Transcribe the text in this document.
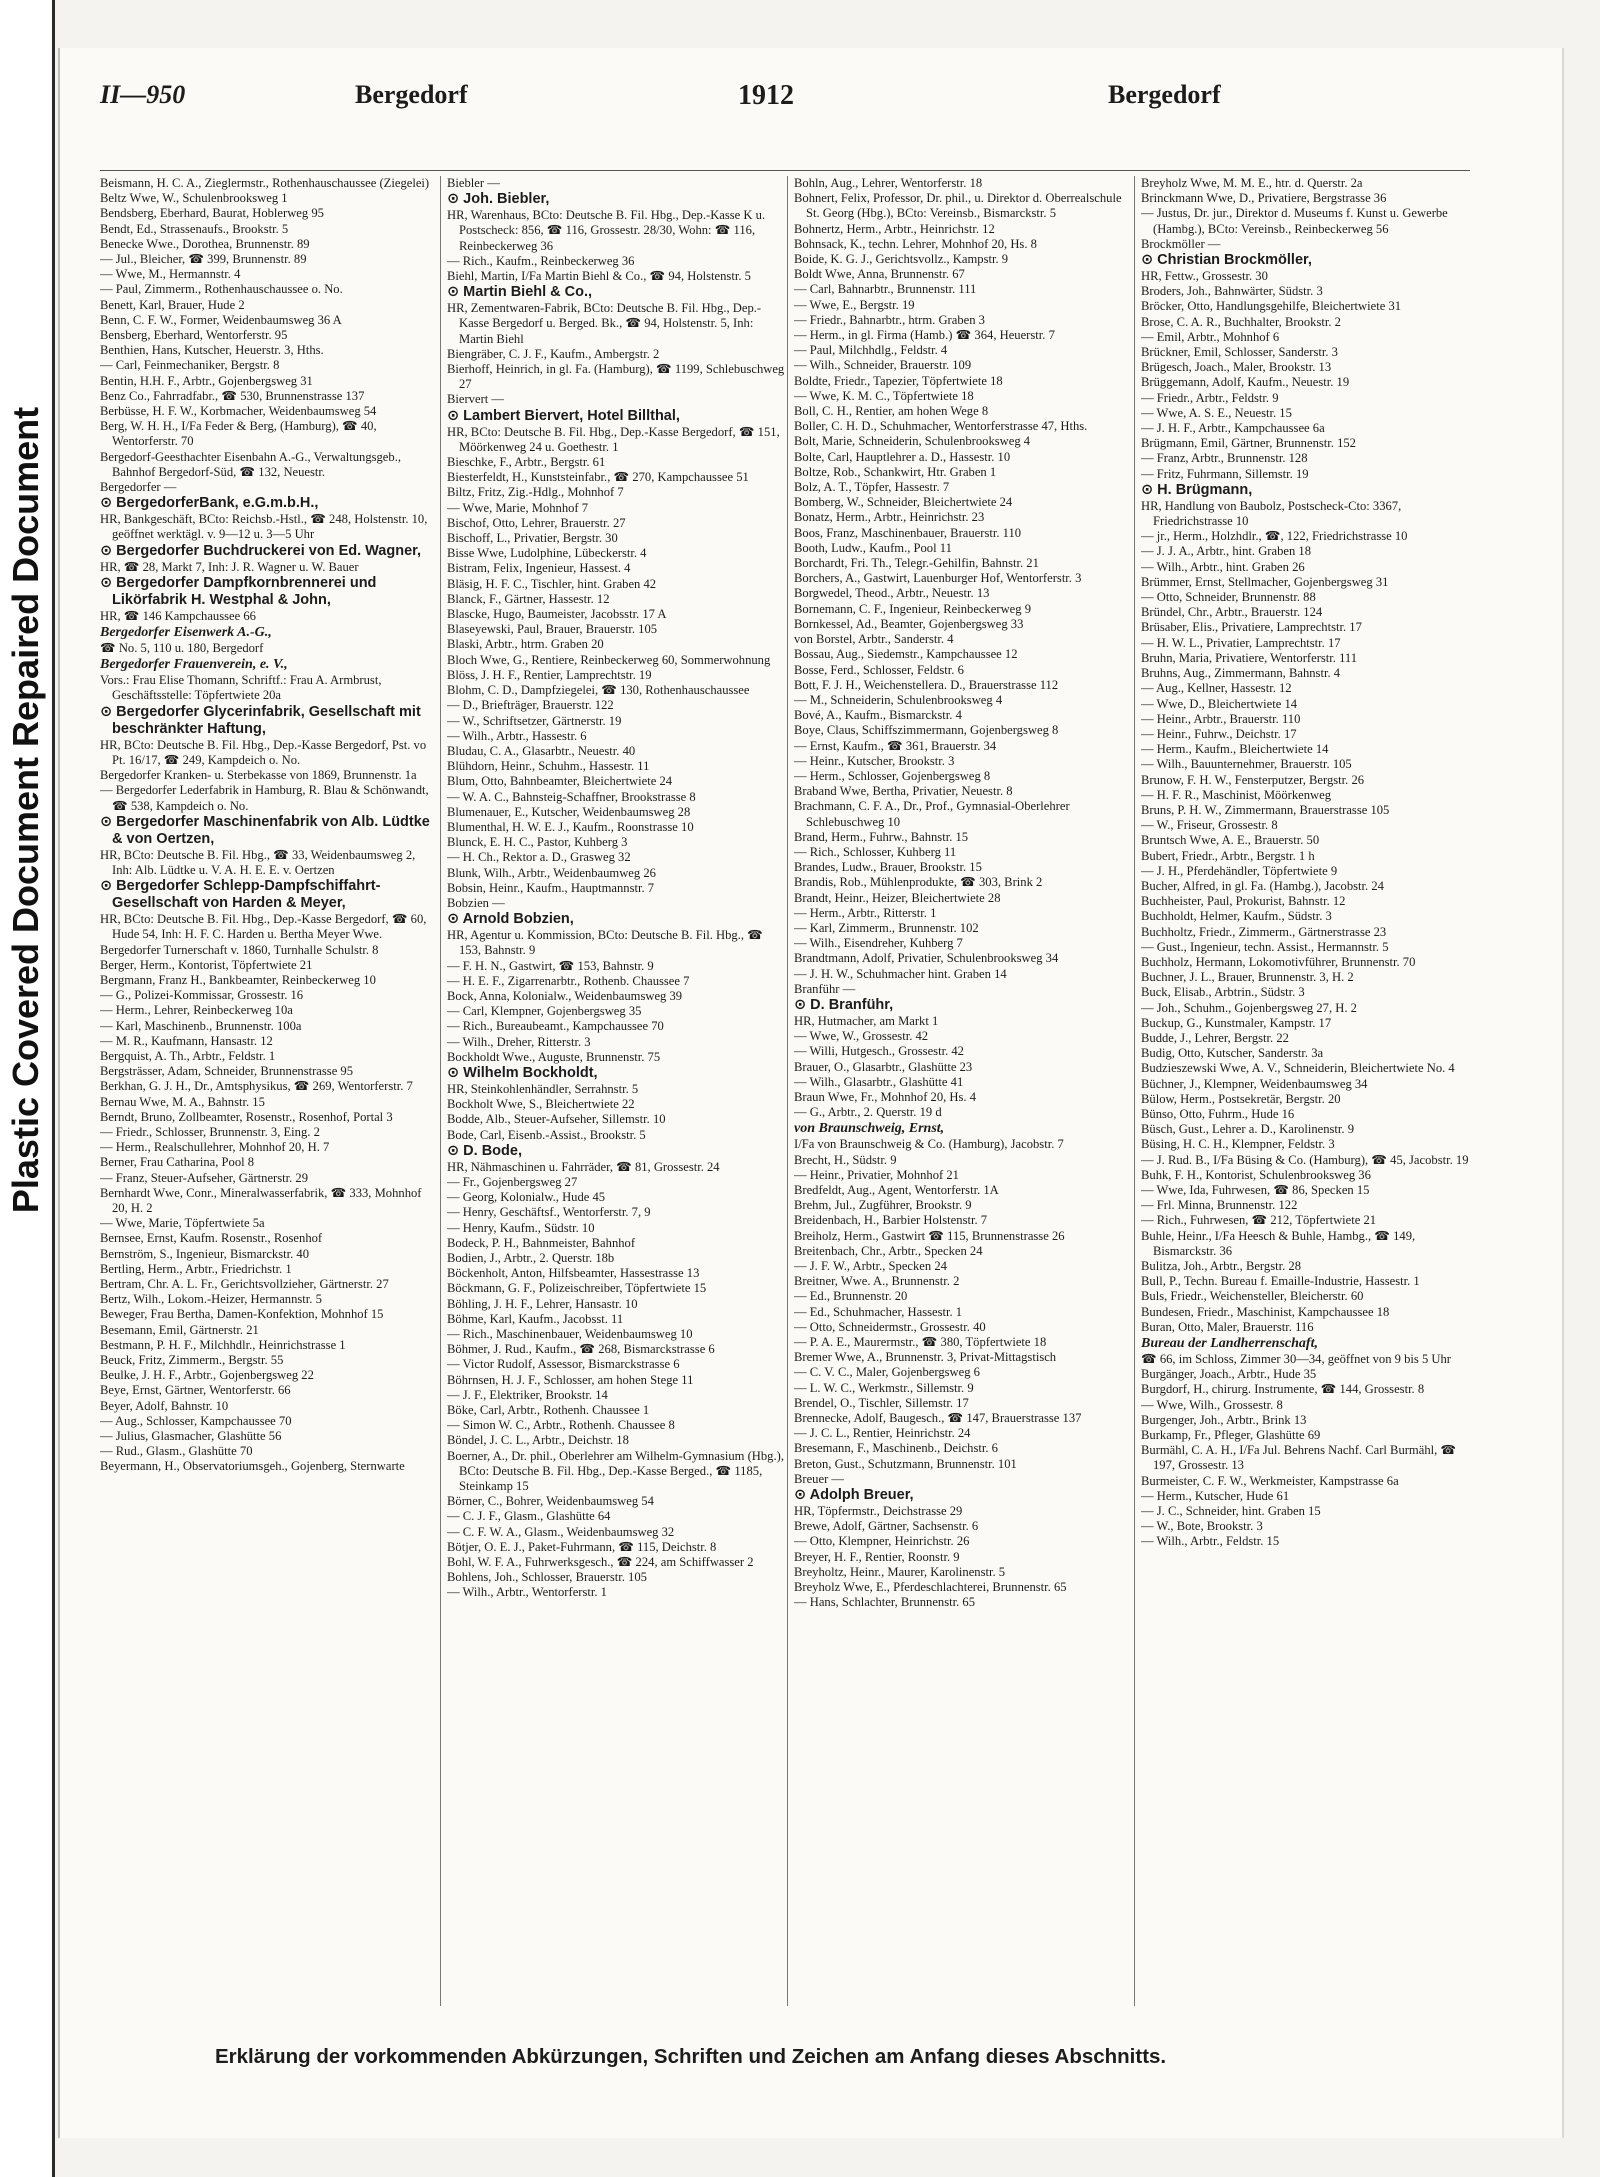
Plastic Covered Document Repaired Document
II—950	Bergedorf	1912	Bergedorf

Beismann, H. C. A., Zieglermstr., Rothenhauschaussee (Ziegelei)

Beltz Wwe, W., Schulenbrooksweg 1

Bendsberg, Eberhard, Baurat, Hoblerweg 95

Bendt, Ed., Strassenaufs., Brookstr. 5

Benecke Wwe., Dorothea, Brunnenstr. 89

— Jul., Bleicher, ☎ 399, Brunnenstr. 89

— Wwe, M., Hermannstr. 4

— Paul, Zimmerm., Rothenhauschaussee o. No.

Benett, Karl, Brauer, Hude 2

Benn, C. F. W., Former, Weidenbaumsweg 36 A

Bensberg, Eberhard, Wentorferstr. 95

Benthien, Hans, Kutscher, Heuerstr. 3, Hths.

— Carl, Feinmechaniker, Bergstr. 8

Bentin, H.H. F., Arbtr., Gojenbergsweg 31

Benz Co., Fahrradfabr., ☎ 530, Brunnenstrasse 137

Berbüsse, H. F. W., Korbmacher, Weidenbaumsweg 54

Berg, W. H. H., I/Fa Feder & Berg, (Hamburg), ☎ 40, Wentorferstr. 70

Bergedorf-Geesthachter Eisenbahn A.-G., Verwaltungsgeb., Bahnhof Bergedorf-Süd, ☎ 132, Neuestr.

Bergedorfer —

⊙ BergedorferBank, e.G.m.b.H.,

HR, Bankgeschäft, BCto: Reichsb.-Hstl., ☎ 248, Holstenstr. 10, geöffnet werktägl. v. 9—12 u. 3—5 Uhr

⊙ Bergedorfer Buchdruckerei von Ed. Wagner,

HR, ☎ 28, Markt 7, Inh: J. R. Wagner u. W. Bauer

⊙ Bergedorfer Dampfkornbrennerei und Likörfabrik H. Westphal & John,

HR, ☎ 146 Kampchaussee 66

Bergedorfer Eisenwerk A.-G.,

☎ No. 5, 110 u. 180, Bergedorf

Bergedorfer Frauenverein, e. V.,

Vors.: Frau Elise Thomann, Schriftf.: Frau A. Armbrust, Geschäftsstelle: Töpfertwiete 20a

⊙ Bergedorfer Glycerinfabrik, Gesellschaft mit beschränkter Haftung,

HR, BCto: Deutsche B. Fil. Hbg., Dep.-Kasse Bergedorf, Pst. vo Pt. 16/17, ☎ 249, Kampdeich o. No.

Bergedorfer Kranken- u. Sterbekasse von 1869, Brunnenstr. 1a

— Bergedorfer Lederfabrik in Hamburg, R. Blau & Schönwandt, ☎ 538, Kampdeich o. No.

⊙ Bergedorfer Maschinenfabrik von Alb. Lüdtke & von Oertzen,

HR, BCto: Deutsche B. Fil. Hbg., ☎ 33, Weidenbaumsweg 2, Inh: Alb. Lüdtke u. V. A. H. E. E. v. Oertzen

⊙ Bergedorfer Schlepp-Dampfschiffahrt-Gesellschaft von Harden & Meyer,

HR, BCto: Deutsche B. Fil. Hbg., Dep.-Kasse Bergedorf, ☎ 60, Hude 54, Inh: H. F. C. Harden u. Bertha Meyer Wwe.

Bergedorfer Turnerschaft v. 1860, Turnhalle Schulstr. 8

Berger, Herm., Kontorist, Töpfertwiete 21

Bergmann, Franz H., Bankbeamter, Reinbeckerweg 10

— G., Polizei-Kommissar, Grossestr. 16

— Herm., Lehrer, Reinbeckerweg 10a

— Karl, Maschinenb., Brunnenstr. 100a

— M. R., Kaufmann, Hansastr. 12

Bergquist, A. Th., Arbtr., Feldstr. 1

Bergsträsser, Adam, Schneider, Brunnenstrasse 95

Berkhan, G. J. H., Dr., Amtsphysikus, ☎ 269, Wentorferstr. 7

Bernau Wwe, M. A., Bahnstr. 15

Berndt, Bruno, Zollbeamter, Rosenstr., Rosenhof, Portal 3

— Friedr., Schlosser, Brunnenstr. 3, Eing. 2

— Herm., Realschullehrer, Mohnhof 20, H. 7

Berner, Frau Catharina, Pool 8

— Franz, Steuer-Aufseher, Gärtnerstr. 29

Bernhardt Wwe, Conr., Mineralwasserfabrik, ☎ 333, Mohnhof 20, H. 2

— Wwe, Marie, Töpfertwiete 5a

Bernsee, Ernst, Kaufm. Rosenstr., Rosenhof

Bernström, S., Ingenieur, Bismarckstr. 40

Bertling, Herm., Arbtr., Friedrichstr. 1

Bertram, Chr. A. L. Fr., Gerichtsvollzieher, Gärtnerstr. 27

Bertz, Wilh., Lokom.-Heizer, Hermannstr. 5

Beweger, Frau Bertha, Damen-Konfektion, Mohnhof 15

Besemann, Emil, Gärtnerstr. 21

Bestmann, P. H. F., Milchhdlr., Heinrichstrasse 1

Beuck, Fritz, Zimmerm., Bergstr. 55

Beulke, J. H. F., Arbtr., Gojenbergsweg 22

Beye, Ernst, Gärtner, Wentorferstr. 66

Beyer, Adolf, Bahnstr. 10

— Aug., Schlosser, Kampchaussee 70

— Julius, Glasmacher, Glashütte 56

— Rud., Glasm., Glashütte 70

Beyermann, H., Observatoriumsgeh., Gojenberg, Sternwarte

Biebler —

⊙ Joh. Biebler,

HR, Warenhaus, BCto: Deutsche B. Fil. Hbg., Dep.-Kasse K u. Postscheck: 856, ☎ 116, Grossestr. 28/30, Wohn: ☎ 116, Reinbeckerweg 36

— Rich., Kaufm., Reinbeckerweg 36

Biehl, Martin, I/Fa Martin Biehl & Co., ☎ 94, Holstenstr. 5

⊙ Martin Biehl & Co.,

HR, Zementwaren-Fabrik, BCto: Deutsche B. Fil. Hbg., Dep.-Kasse Bergedorf u. Berged. Bk., ☎ 94, Holstenstr. 5, Inh: Martin Biehl

Biengräber, C. J. F., Kaufm., Ambergstr. 2

Bierhoff, Heinrich, in gl. Fa. (Hamburg), ☎ 1199, Schlebuschweg 27

Biervert —

⊙ Lambert Biervert, Hotel Billthal,

HR, BCto: Deutsche B. Fil. Hbg., Dep.-Kasse Bergedorf, ☎ 151, Möörkenweg 24 u. Goethestr. 1

Bieschke, F., Arbtr., Bergstr. 61

Biesterfeldt, H., Kunststeinfabr., ☎ 270, Kampchaussee 51

Biltz, Fritz, Zig.-Hdlg., Mohnhof 7

— Wwe, Marie, Mohnhof 7

Bischof, Otto, Lehrer, Brauerstr. 27

Bischoff, L., Privatier, Bergstr. 30

Bisse Wwe, Ludolphine, Lübeckerstr. 4

Bistram, Felix, Ingenieur, Hassest. 4

Bläsig, H. F. C., Tischler, hint. Graben 42

Blanck, F., Gärtner, Hassestr. 12

Blascke, Hugo, Baumeister, Jacobsstr. 17 A

Blaseyewski, Paul, Brauer, Brauerstr. 105

Blaski, Arbtr., htrm. Graben 20

Bloch Wwe, G., Rentiere, Reinbeckerweg 60, Sommerwohnung

Blöss, J. H. F., Rentier, Lamprechtstr. 19

Blohm, C. D., Dampfziegelei, ☎ 130, Rothenhauschaussee

— D., Briefträger, Brauerstr. 122

— W., Schriftsetzer, Gärtnerstr. 19

— Wilh., Arbtr., Hassestr. 6

Bludau, C. A., Glasarbtr., Neuestr. 40

Blühdorn, Heinr., Schuhm., Hassestr. 11

Blum, Otto, Bahnbeamter, Bleichertwiete 24

— W. A. C., Bahnsteig-Schaffner, Brookstrasse 8

Blumenauer, E., Kutscher, Weidenbaumsweg 28

Blumenthal, H. W. E. J., Kaufm., Roonstrasse 10

Blunck, E. H. C., Pastor, Kuhberg 3

— H. Ch., Rektor a. D., Grasweg 32

Blunk, Wilh., Arbtr., Weidenbaumweg 26

Bobsin, Heinr., Kaufm., Hauptmannstr. 7

Bobzien —

⊙ Arnold Bobzien,

HR, Agentur u. Kommission, BCto: Deutsche B. Fil. Hbg., ☎ 153, Bahnstr. 9

— F. H. N., Gastwirt, ☎ 153, Bahnstr. 9

— H. E. F., Zigarrenarbtr., Rothenb. Chaussee 7

Bock, Anna, Kolonialw., Weidenbaumsweg 39

— Carl, Klempner, Gojenbergsweg 35

— Rich., Bureaubeamt., Kampchaussee 70

— Wilh., Dreher, Ritterstr. 3

Bockholdt Wwe., Auguste, Brunnenstr. 75

⊙ Wilhelm Bockholdt,

HR, Steinkohlenhändler, Serrahnstr. 5

Bockholt Wwe, S., Bleichertwiete 22

Bodde, Alb., Steuer-Aufseher, Sillemstr. 10

Bode, Carl, Eisenb.-Assist., Brookstr. 5

⊙ D. Bode,

HR, Nähmaschinen u. Fahrräder, ☎ 81, Grossestr. 24

— Fr., Gojenbergsweg 27

— Georg, Kolonialw., Hude 45

— Henry, Geschäftsf., Wentorferstr. 7, 9

— Henry, Kaufm., Südstr. 10

Bodeck, P. H., Bahnmeister, Bahnhof

Bodien, J., Arbtr., 2. Querstr. 18b

Böckenholt, Anton, Hilfsbeamter, Hassestrasse 13

Böckmann, G. F., Polizeischreiber, Töpfertwiete 15

Böhling, J. H. F., Lehrer, Hansastr. 10

Böhme, Karl, Kaufm., Jacobsst. 11

— Rich., Maschinenbauer, Weidenbaumsweg 10

Böhmer, J. Rud., Kaufm., ☎ 268, Bismarckstrasse 6

— Victor Rudolf, Assessor, Bismarckstrasse 6

Böhrnsen, H. J. F., Schlosser, am hohen Stege 11

— J. F., Elektriker, Brookstr. 14

Böke, Carl, Arbtr., Rothenh. Chaussee 1

— Simon W. C., Arbtr., Rothenh. Chaussee 8

Böndel, J. C. L., Arbtr., Deichstr. 18

Boerner, A., Dr. phil., Oberlehrer am Wilhelm-Gymnasium (Hbg.), BCto: Deutsche B. Fil. Hbg., Dep.-Kasse Berged., ☎ 1185, Steinkamp 15

Börner, C., Bohrer, Weidenbaumsweg 54

— C. J. F., Glasm., Glashütte 64

— C. F. W. A., Glasm., Weidenbaumsweg 32

Bötjer, O. E. J., Paket-Fuhrmann, ☎ 115, Deichstr. 8

Bohl, W. F. A., Fuhrwerksgesch., ☎ 224, am Schiffwasser 2

Bohlens, Joh., Schlosser, Brauerstr. 105

— Wilh., Arbtr., Wentorferstr. 1

Bohln, Aug., Lehrer, Wentorferstr. 18

Bohnert, Felix, Professor, Dr. phil., u. Direktor d. Oberrealschule St. Georg (Hbg.), BCto: Vereinsb., Bismarckstr. 5

Bohnertz, Herm., Arbtr., Heinrichstr. 12

Bohnsack, K., techn. Lehrer, Mohnhof 20, Hs. 8

Boide, K. G. J., Gerichtsvollz., Kampstr. 9

Boldt Wwe, Anna, Brunnenstr. 67

— Carl, Bahnarbtr., Brunnenstr. 111

— Wwe, E., Bergstr. 19

— Friedr., Bahnarbtr., htrm. Graben 3

— Herm., in gl. Firma (Hamb.) ☎ 364, Heuerstr. 7

— Paul, Milchhdlg., Feldstr. 4

— Wilh., Schneider, Brauerstr. 109

Boldte, Friedr., Tapezier, Töpfertwiete 18

— Wwe, K. M. C., Töpfertwiete 18

Boll, C. H., Rentier, am hohen Wege 8

Boller, C. H. D., Schuhmacher, Wentorferstrasse 47, Hths.

Bolt, Marie, Schneiderin, Schulenbrooksweg 4

Bolte, Carl, Hauptlehrer a. D., Hassestr. 10

Boltze, Rob., Schankwirt, Htr. Graben 1

Bolz, A. T., Töpfer, Hassestr. 7

Bomberg, W., Schneider, Bleichertwiete 24

Bonatz, Herm., Arbtr., Heinrichstr. 23

Boos, Franz, Maschinenbauer, Brauerstr. 110

Booth, Ludw., Kaufm., Pool 11

Borchardt, Fri. Th., Telegr.-Gehilfin, Bahnstr. 21

Borchers, A., Gastwirt, Lauenburger Hof, Wentorferstr. 3

Borgwedel, Theod., Arbtr., Neuestr. 13

Bornemann, C. F., Ingenieur, Reinbeckerweg 9

Bornkessel, Ad., Beamter, Gojenbergsweg 33

von Borstel, Arbtr., Sanderstr. 4

Bossau, Aug., Siedemstr., Kampchaussee 12

Bosse, Ferd., Schlosser, Feldstr. 6

Bott, F. J. H., Weichenstellera. D., Brauerstrasse 112

— M., Schneiderin, Schulenbrooksweg 4

Bové, A., Kaufm., Bismarckstr. 4

Boye, Claus, Schiffszimmermann, Gojenbergsweg 8

— Ernst, Kaufm., ☎ 361, Brauerstr. 34

— Heinr., Kutscher, Brookstr. 3

— Herm., Schlosser, Gojenbergsweg 8

Braband Wwe, Bertha, Privatier, Neuestr. 8

Brachmann, C. F. A., Dr., Prof., Gymnasial-Oberlehrer Schlebuschweg 10

Brand, Herm., Fuhrw., Bahnstr. 15

— Rich., Schlosser, Kuhberg 11

Brandes, Ludw., Brauer, Brookstr. 15

Brandis, Rob., Mühlenprodukte, ☎ 303, Brink 2

Brandt, Heinr., Heizer, Bleichertwiete 28

— Herm., Arbtr., Ritterstr. 1

— Karl, Zimmerm., Brunnenstr. 102

— Wilh., Eisendreher, Kuhberg 7

Brandtmann, Adolf, Privatier, Schulenbrooksweg 34

— J. H. W., Schuhmacher hint. Graben 14

Branführ —

⊙ D. Branführ,

HR, Hutmacher, am Markt 1

— Wwe, W., Grossestr. 42

— Willi, Hutgesch., Grossestr. 42

Brauer, O., Glasarbtr., Glashütte 23

— Wilh., Glasarbtr., Glashütte 41

Braun Wwe, Fr., Mohnhof 20, Hs. 4

— G., Arbtr., 2. Querstr. 19 d

von Braunschweig, Ernst,

I/Fa von Braunschweig & Co. (Hamburg), Jacobstr. 7

Brecht, H., Südstr. 9

— Heinr., Privatier, Mohnhof 21

Bredfeldt, Aug., Agent, Wentorferstr. 1A

Brehm, Jul., Zugführer, Brookstr. 9

Breidenbach, H., Barbier Holstenstr. 7

Breiholz, Herm., Gastwirt ☎ 115, Brunnenstrasse 26

Breitenbach, Chr., Arbtr., Specken 24

— J. F. W., Arbtr., Specken 24

Breitner, Wwe. A., Brunnenstr. 2

— Ed., Brunnenstr. 20

— Ed., Schuhmacher, Hassestr. 1

— Otto, Schneidermstr., Grossestr. 40

— P. A. E., Maurermstr., ☎ 380, Töpfertwiete 18

Bremer Wwe, A., Brunnenstr. 3, Privat-Mittagstisch

— C. V. C., Maler, Gojenbergsweg 6

— L. W. C., Werkmstr., Sillemstr. 9

Brendel, O., Tischler, Sillemstr. 17

Brennecke, Adolf, Baugesch., ☎ 147, Brauerstrasse 137

— J. C. L., Rentier, Heinrichstr. 24

Bresemann, F., Maschinenb., Deichstr. 6

Breton, Gust., Schutzmann, Brunnenstr. 101

Breuer —

⊙ Adolph Breuer,

HR, Töpfermstr., Deichstrasse 29

Brewe, Adolf, Gärtner, Sachsenstr. 6

— Otto, Klempner, Heinrichstr. 26

Breyer, H. F., Rentier, Roonstr. 9

Breyholtz, Heinr., Maurer, Karolinenstr. 5

Breyholz Wwe, E., Pferdeschlachterei, Brunnenstr. 65

— Hans, Schlachter, Brunnenstr. 65

Breyholz Wwe, M. M. E., htr. d. Querstr. 2a

Brinckmann Wwe, D., Privatiere, Bergstrasse 36

— Justus, Dr. jur., Direktor d. Museums f. Kunst u. Gewerbe (Hambg.), BCto: Vereinsb., Reinbeckerweg 56

Brockmöller —

⊙ Christian Brockmöller,

HR, Fettw., Grossestr. 30

Broders, Joh., Bahnwärter, Südstr. 3

Bröcker, Otto, Handlungsgehilfe, Bleichertwiete 31

Brose, C. A. R., Buchhalter, Brookstr. 2

— Emil, Arbtr., Mohnhof 6

Brückner, Emil, Schlosser, Sanderstr. 3

Brügesch, Joach., Maler, Brookstr. 13

Brüggemann, Adolf, Kaufm., Neuestr. 19

— Friedr., Arbtr., Feldstr. 9

— Wwe, A. S. E., Neuestr. 15

— J. H. F., Arbtr., Kampchaussee 6a

Brügmann, Emil, Gärtner, Brunnenstr. 152

— Franz, Arbtr., Brunnenstr. 128

— Fritz, Fuhrmann, Sillemstr. 19

⊙ H. Brügmann,

HR, Handlung von Baubolz, Postscheck-Cto: 3367, Friedrichstrasse 10

— jr., Herm., Holzhdlr., ☎, 122, Friedrichstrasse 10

— J. J. A., Arbtr., hint. Graben 18

— Wilh., Arbtr., hint. Graben 26

Brümmer, Ernst, Stellmacher, Gojenbergsweg 31

— Otto, Schneider, Brunnenstr. 88

Bründel, Chr., Arbtr., Brauerstr. 124

Brüsaber, Elis., Privatiere, Lamprechtstr. 17

— H. W. L., Privatier, Lamprechtstr. 17

Bruhn, Maria, Privatiere, Wentorferstr. 111

Bruhns, Aug., Zimmermann, Bahnstr. 4

— Aug., Kellner, Hassestr. 12

— Wwe, D., Bleichertwiete 14

— Heinr., Arbtr., Brauerstr. 110

— Heinr., Fuhrw., Deichstr. 17

— Herm., Kaufm., Bleichertwiete 14

— Wilh., Bauunternehmer, Brauerstr. 105

Brunow, F. H. W., Fensterputzer, Bergstr. 26

— H. F. R., Maschinist, Möörkenweg

Bruns, P. H. W., Zimmermann, Brauerstrasse 105

— W., Friseur, Grossestr. 8

Bruntsch Wwe, A. E., Brauerstr. 50

Bubert, Friedr., Arbtr., Bergstr. 1 h

— J. H., Pferdehändler, Töpfertwiete 9

Bucher, Alfred, in gl. Fa. (Hambg.), Jacobstr. 24

Buchheister, Paul, Prokurist, Bahnstr. 12

Buchholdt, Helmer, Kaufm., Südstr. 3

Buchholtz, Friedr., Zimmerm., Gärtnerstrasse 23

— Gust., Ingenieur, techn. Assist., Hermannstr. 5

Buchholz, Hermann, Lokomotivführer, Brunnenstr. 70

Buchner, J. L., Brauer, Brunnenstr. 3, H. 2

Buck, Elisab., Arbtrin., Südstr. 3

— Joh., Schuhm., Gojenbergsweg 27, H. 2

Buckup, G., Kunstmaler, Kampstr. 17

Budde, J., Lehrer, Bergstr. 22

Budig, Otto, Kutscher, Sanderstr. 3a

Budzieszewski Wwe, A. V., Schneiderin, Bleichertwiete No. 4

Büchner, J., Klempner, Weidenbaumsweg 34

Bülow, Herm., Postsekretär, Bergstr. 20

Bünso, Otto, Fuhrm., Hude 16

Büsch, Gust., Lehrer a. D., Karolinenstr. 9

Büsing, H. C. H., Klempner, Feldstr. 3

— J. Rud. B., I/Fa Büsing & Co. (Hamburg), ☎ 45, Jacobstr. 19

Buhk, F. H., Kontorist, Schulenbrooksweg 36

— Wwe, Ida, Fuhrwesen, ☎ 86, Specken 15

— Frl. Minna, Brunnenstr. 122

— Rich., Fuhrwesen, ☎ 212, Töpfertwiete 21

Buhle, Heinr., I/Fa Heesch & Buhle, Hambg., ☎ 149, Bismarckstr. 36

Bulitza, Joh., Arbtr., Bergstr. 28

Bull, P., Techn. Bureau f. Emaille-Industrie, Hassestr. 1

Buls, Friedr., Weichensteller, Bleicherstr. 60

Bundesen, Friedr., Maschinist, Kampchaussee 18

Buran, Otto, Maler, Brauerstr. 116

Bureau der Landherrenschaft,

☎ 66, im Schloss, Zimmer 30—34, geöffnet von 9 bis 5 Uhr

Burgänger, Joach., Arbtr., Hude 35

Burgdorf, H., chirurg. Instrumente, ☎ 144, Grossestr. 8

— Wwe, Wilh., Grossestr. 8

Burgenger, Joh., Arbtr., Brink 13

Burkamp, Fr., Pfleger, Glashütte 69

Burmähl, C. A. H., I/Fa Jul. Behrens Nachf. Carl Burmähl, ☎ 197, Grossestr. 13

Burmeister, C. F. W., Werkmeister, Kampstrasse 6a

— Herm., Kutscher, Hude 61

— J. C., Schneider, hint. Graben 15

— W., Bote, Brookstr. 3

— Wilh., Arbtr., Feldstr. 15

Erklärung der vorkommenden Abkürzungen, Schriften und Zeichen am Anfang dieses Abschnitts.
